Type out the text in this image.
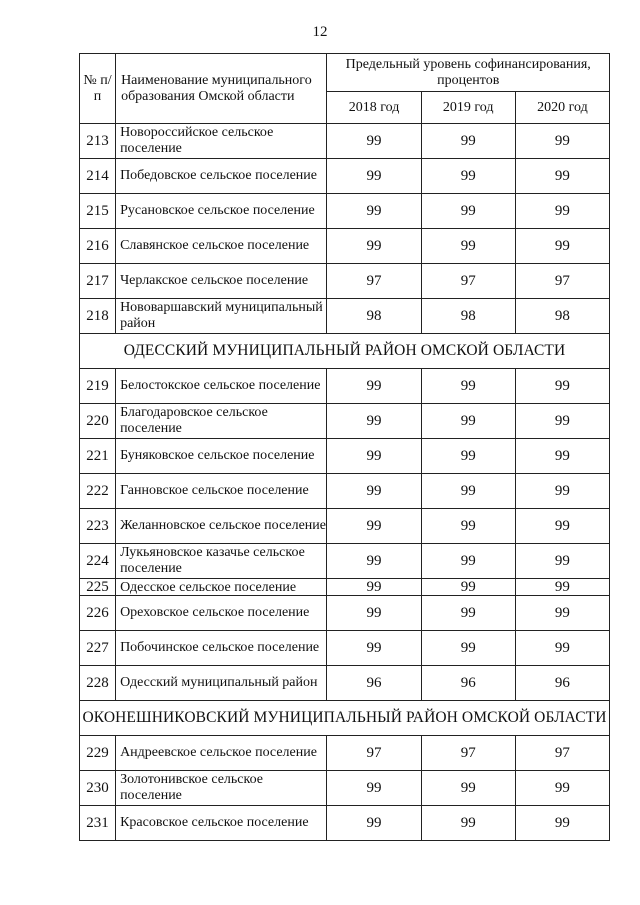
12
№ п/п	Наименование муниципального образования Омской области	Предельный уровень софинансирования, процентов		
		2018 год	2019 год	2020 год
213	Новороссийское сельское поселение	99	99	99
214	Победовское сельское поселение	99	99	99
215	Русановское сельское поселение	99	99	99
216	Славянское сельское поселение	99	99	99
217	Черлакское сельское поселение	97	97	97
218	Нововаршавский муниципальный район	98	98	98
ОДЕССКИЙ МУНИЦИПАЛЬНЫЙ РАЙОН ОМСКОЙ ОБЛАСТИ				
219	Белостокское сельское поселение	99	99	99
220	Благодаровское сельское поселение	99	99	99
221	Буняковское сельское поселение	99	99	99
222	Ганновское сельское поселение	99	99	99
223	Желанновское сельское поселение	99	99	99
224	Лукьяновское казачье сельское поселение	99	99	99
225	Одесское сельское поселение	99	99	99
226	Ореховское сельское поселение	99	99	99
227	Побочинское сельское поселение	99	99	99
228	Одесский муниципальный район	96	96	96
ОКОНЕШНИКОВСКИЙ МУНИЦИПАЛЬНЫЙ РАЙОН ОМСКОЙ ОБЛАСТИ				
229	Андреевское сельское поселение	97	97	97
230	Золотонивское сельское поселение	99	99	99
231	Красовское сельское поселение	99	99	99
